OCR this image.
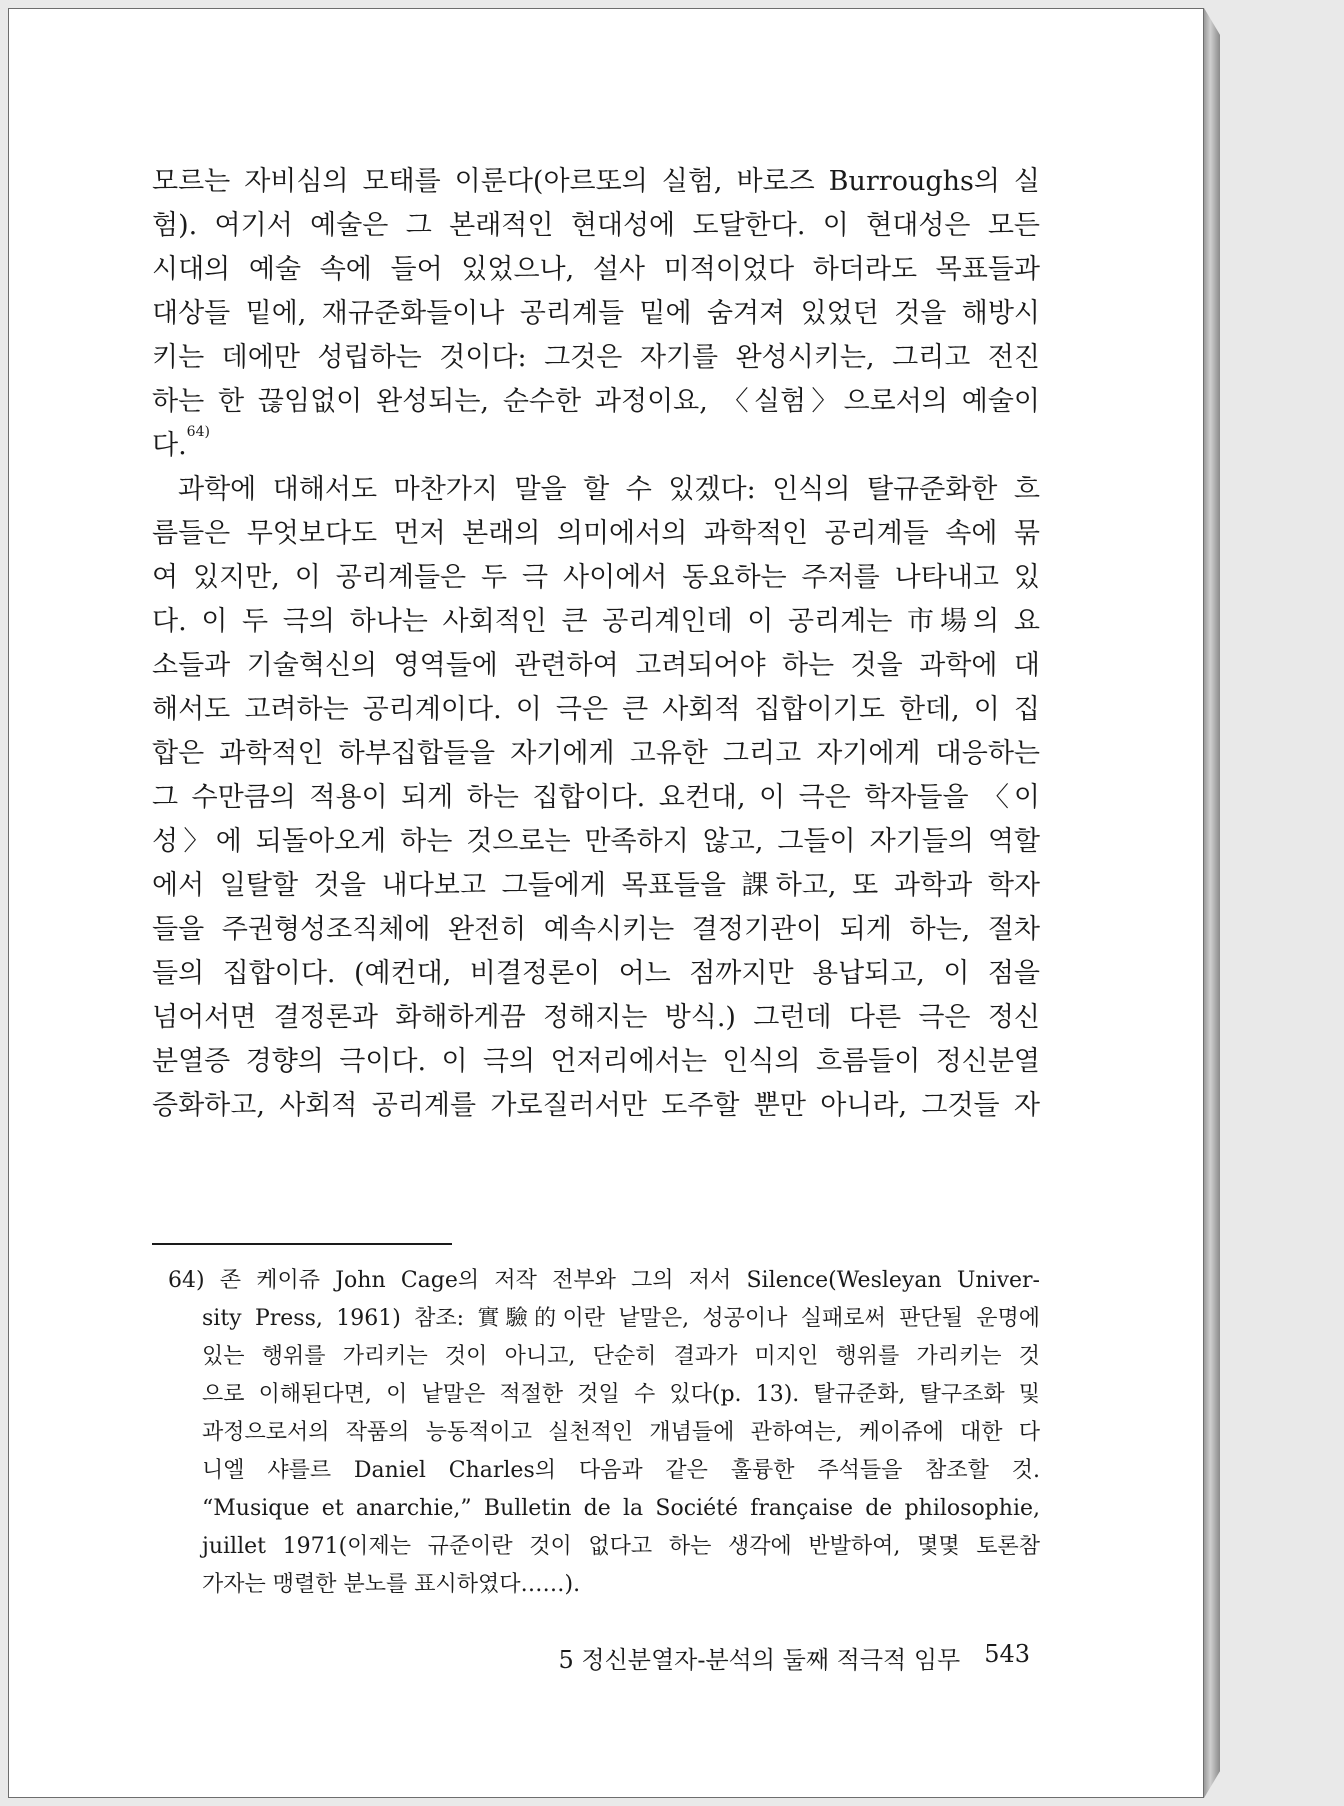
모르는 자비심의 모태를 이룬다(아르또의 실험, 바로즈 Burroughs의 실
험). 여기서 예술은 그 본래적인 현대성에 도달한다. 이 현대성은 모든
시대의 예술 속에 들어 있었으나, 설사 미적이었다 하더라도 목표들과
대상들 밑에, 재규준화들이나 공리계들 밑에 숨겨져 있었던 것을 해방시
키는 데에만 성립하는 것이다: 그것은 자기를 완성시키는, 그리고 전진
하는 한 끊임없이 완성되는, 순수한 과정이요, 〈실험〉으로서의 예술이
다.$^{64)}$
과학에 대해서도 마찬가지 말을 할 수 있겠다: 인식의 탈규준화한 흐
름들은 무엇보다도 먼저 본래의 의미에서의 과학적인 공리계들 속에 묶
여 있지만, 이 공리계들은 두 극 사이에서 동요하는 주저를 나타내고 있
다. 이 두 극의 하나는 사회적인 큰 공리계인데 이 공리계는 市場의 요
소들과 기술혁신의 영역들에 관련하여 고려되어야 하는 것을 과학에 대
해서도 고려하는 공리계이다. 이 극은 큰 사회적 집합이기도 한데, 이 집
합은 과학적인 하부집합들을 자기에게 고유한 그리고 자기에게 대응하는
그 수만큼의 적용이 되게 하는 집합이다. 요컨대, 이 극은 학자들을 〈이
성〉에 되돌아오게 하는 것으로는 만족하지 않고, 그들이 자기들의 역할
에서 일탈할 것을 내다보고 그들에게 목표들을 課하고, 또 과학과 학자
들을 주권형성조직체에 완전히 예속시키는 결정기관이 되게 하는, 절차
들의 집합이다. (예컨대, 비결정론이 어느 점까지만 용납되고, 이 점을
넘어서면 결정론과 화해하게끔 정해지는 방식.) 그런데 다른 극은 정신
분열증 경향의 극이다. 이 극의 언저리에서는 인식의 흐름들이 정신분열
증화하고, 사회적 공리계를 가로질러서만 도주할 뿐만 아니라, 그것들 자
64) 존 케이쥬 John Cage의 저작 전부와 그의 저서 Silence(Wesleyan Univer-
sity Press, 1961) 참조: 實驗的이란 낱말은, 성공이나 실패로써 판단될 운명에
있는 행위를 가리키는 것이 아니고, 단순히 결과가 미지인 행위를 가리키는 것
으로 이해된다면, 이 낱말은 적절한 것일 수 있다(p. 13). 탈규준화, 탈구조화 및
과정으로서의 작품의 능동적이고 실천적인 개념들에 관하여는, 케이쥬에 대한 다
니엘 샤를르 Daniel Charles의 다음과 같은 훌륭한 주석들을 참조할 것.
“Musique et anarchie,” Bulletin de la Société française de philosophie,
juillet 1971(이제는 규준이란 것이 없다고 하는 생각에 반발하여, 몇몇 토론참
가자는 맹렬한 분노를 표시하였다……).
5 정신분열자-분석의 둘째 적극적 임무 543
